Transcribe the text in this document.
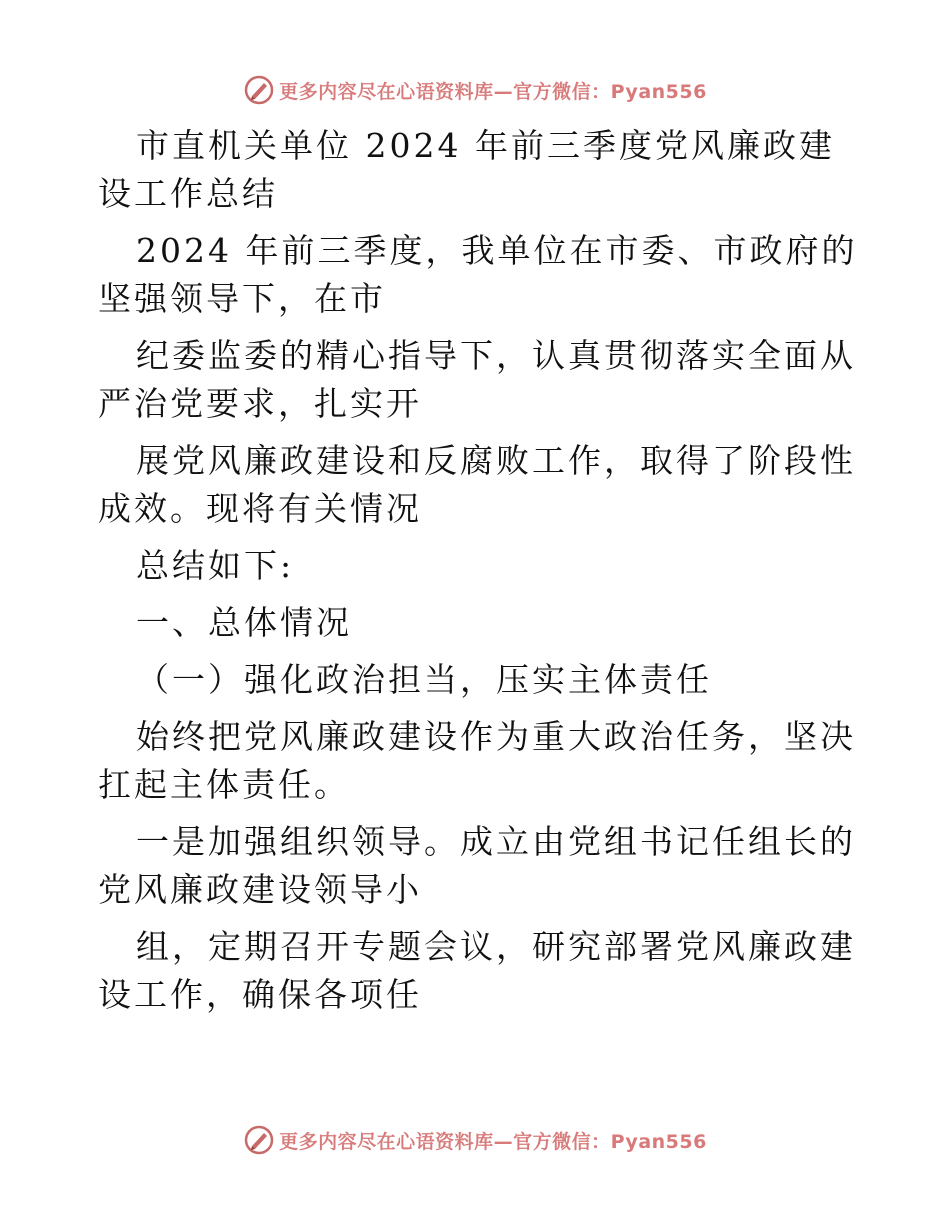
更多内容尽在心语资料库—官方微信：Pyan556

市直机关单位 2024 年前三季度党风廉政建设工作总结

2024 年前三季度，我单位在市委、市政府的坚强领导下，在市

纪委监委的精心指导下，认真贯彻落实全面从严治党要求，扎实开

展党风廉政建设和反腐败工作，取得了阶段性成效。现将有关情况

总结如下:

一、总体情况

（一）强化政治担当，压实主体责任

始终把党风廉政建设作为重大政治任务，坚决扛起主体责任。

一是加强组织领导。成立由党组书记任组长的党风廉政建设领导小

组，定期召开专题会议，研究部署党风廉政建设工作，确保各项任

更多内容尽在心语资料库—官方微信：Pyan556
